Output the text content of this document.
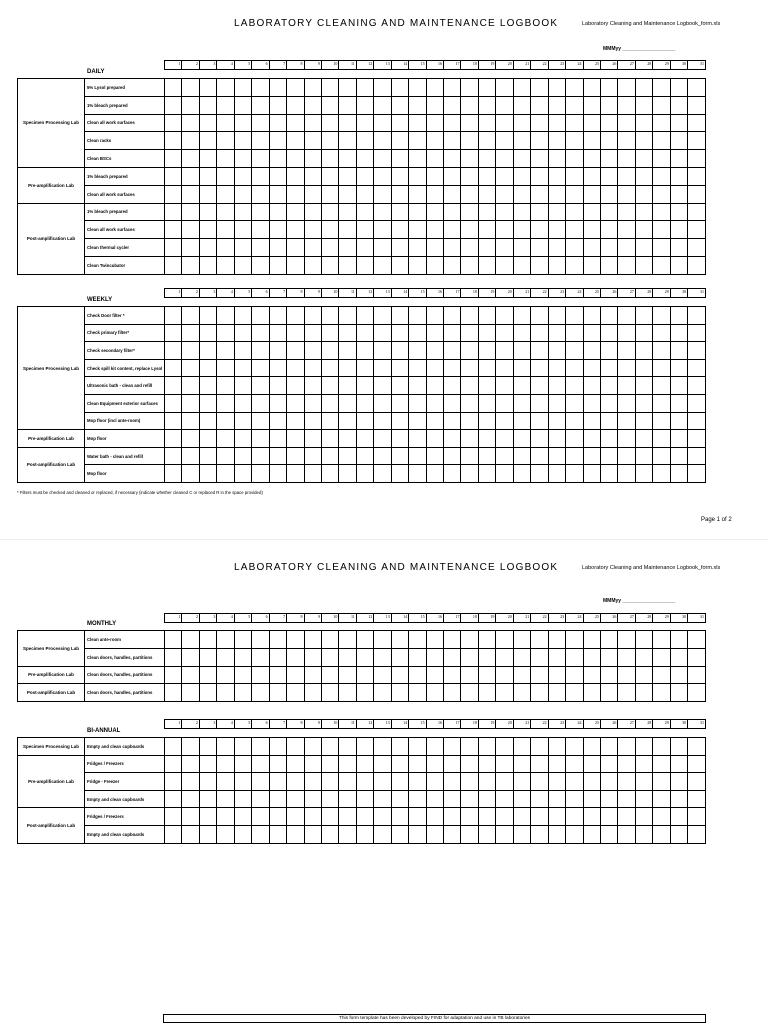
LABORATORY CLEANING AND MAINTENANCE LOGBOOK	Laboratory Cleaning and Maintenance Logbook_form.xls
MMMyy ___________________
* Filters must be checked and cleaned or replaced, if necessary (indicate whether cleaned C or replaced R in the space provided)
Page 1 of 2
LABORATORY CLEANING AND MAINTENANCE LOGBOOK	Laboratory Cleaning and Maintenance Logbook_form.xls
MMMyy ___________________
This form template has been developed by FIND for adaptation and use in TB laboratories
DAILY
1	2	3	4	5	6	7	8	9	10	11	12	13	14	15	16	17	18	19	20	21	22	23	24	25	26	27	28	29	30	31
Specimen Processing Lab	5% Lysol prepared																															
	1% bleach prepared																															
	Clean all work surfaces																															
	Clean racks																															
	Clean BSCs																															
Pre-amplification Lab	1% bleach prepared																															
	Clean all work surfaces																															
Post-amplification Lab	1% bleach prepared																															
	Clean all work surfaces																															
	Clean thermal cycler																															
	Clean Twincubator																															
WEEKLY
1	2	3	4	5	6	7	8	9	10	11	12	13	14	15	16	17	18	19	20	21	22	23	24	25	26	27	28	29	30	31
Specimen Processing Lab	Check Door filter *																															
	Check primary filter*																															
	Check secondary filter*																															
	Check spill kit content, replace Lysol																															
	Ultrasonic bath - clean and refill																															
	Clean Equipment exterior surfaces																															
	Mop floor (incl ante-room)																															
Pre-amplification Lab	Mop floor																															
Post-amplification Lab	Water bath - clean and refill																															
	Mop floor																															
MONTHLY
1	2	3	4	5	6	7	8	9	10	11	12	13	14	15	16	17	18	19	20	21	22	23	24	25	26	27	28	29	30	31
Specimen Processing Lab	Clean ante-room																															
	Clean doors, handles, partitions																															
Pre-amplification Lab	Clean doors, handles, partitions																															
Post-amplification Lab	Clean doors, handles, partitions																															
BI-ANNUAL
1	2	3	4	5	6	7	8	9	10	11	12	13	14	15	16	17	18	19	20	21	22	23	24	25	26	27	28	29	30	31
Specimen Processing Lab	Empty and clean cupboards																															
Pre-amplification Lab	Fridges / Freezers																															
	Fridge - Freezer																															
	Empty and clean cupboards																															
Post-amplification Lab	Fridges / Freezers																															
	Empty and clean cupboards																															
